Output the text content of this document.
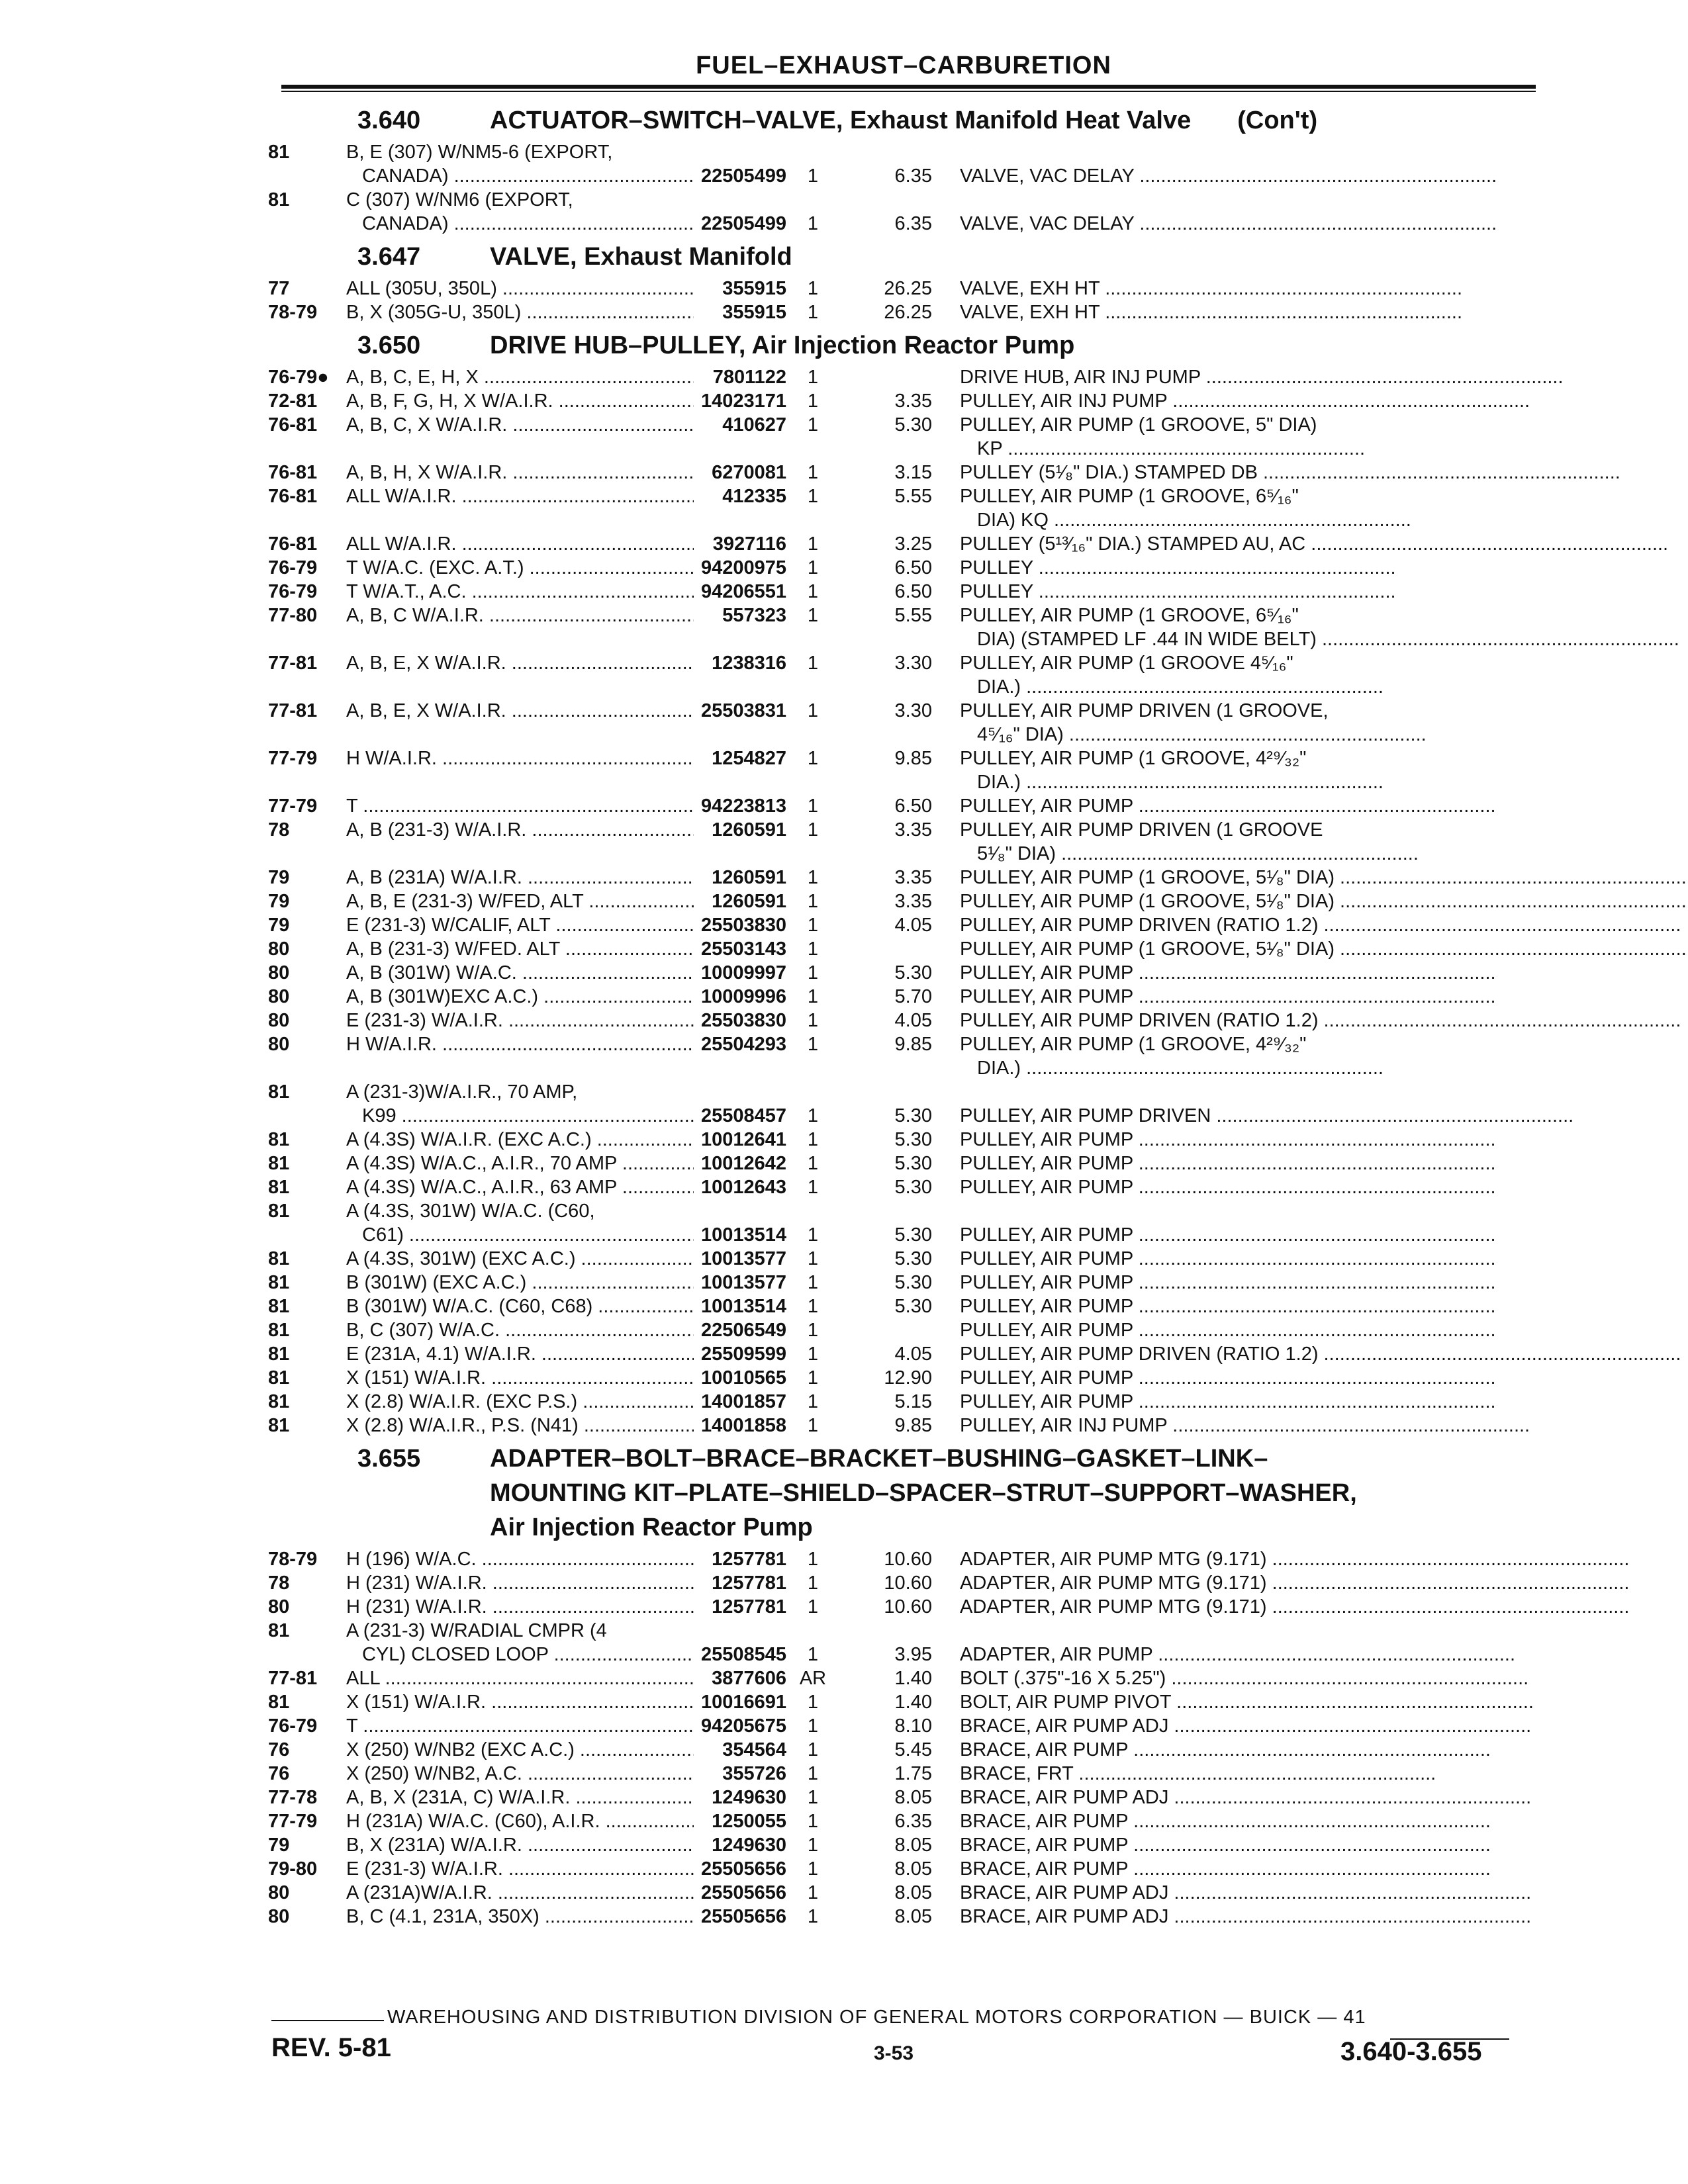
FUEL–EXHAUST–CARBURETION
3.640	ACTUATOR–SWITCH–VALVE, Exhaust Manifold Heat Valve (Con't)
81	B, E (307) W/NM5-6 (EXPORT,
CANADA) .....	22505499	1	6.35 VALVE, VAC DELAY .....
81	C (307) W/NM6 (EXPORT,
CANADA) .....	22505499	1	6.35 VALVE, VAC DELAY .....
3.647	VALVE, Exhaust Manifold
77	ALL (305U, 350L) .....	355915	1	26.25 VALVE, EXH HT .....
78-79	B, X (305G-U, 350L) .....	355915	1	26.25 VALVE, EXH HT .....
3.650	DRIVE HUB–PULLEY, Air Injection Reactor Pump
76-79● A, B, C, E, H, X .....	7801122	1	DRIVE HUB, AIR INJ PUMP .....
72-81	A, B, F, G, H, X W/A.I.R. .....	14023171	1	3.35 PULLEY, AIR INJ PUMP .....
76-81	A, B, C, X W/A.I.R. .....	410627	1	5.30 PULLEY, AIR PUMP (1 GROOVE, 5" DIA)
KP .....
76-81	A, B, H, X W/A.I.R. .....	6270081	1	3.15 PULLEY (5¹⁄₈" DIA.) STAMPED DB .....
76-81	ALL W/A.I.R. .....	412335	1	5.55 PULLEY, AIR PUMP (1 GROOVE, 6⁵⁄₁₆"
DIA) KQ .....
76-81	ALL W/A.I.R. .....	3927116	1	3.25 PULLEY (5¹³⁄₁₆" DIA.) STAMPED AU, AC .....
76-79	T W/A.C. (EXC. A.T.) .....	94200975	1	6.50 PULLEY .....
76-79	T W/A.T., A.C. .....	94206551	1	6.50 PULLEY .....
77-80	A, B, C W/A.I.R. .....	557323	1	5.55 PULLEY, AIR PUMP (1 GROOVE, 6⁵⁄₁₆"
DIA) (STAMPED LF .44 IN WIDE BELT) .....
77-81	A, B, E, X W/A.I.R. .....	1238316	1	3.30 PULLEY, AIR PUMP (1 GROOVE 4⁵⁄₁₆"
DIA.) .....
77-81	A, B, E, X W/A.I.R. .....	25503831	1	3.30 PULLEY, AIR PUMP DRIVEN (1 GROOVE,
4⁵⁄₁₆" DIA) .....
77-79	H W/A.I.R. .....	1254827	1	9.85 PULLEY, AIR PUMP (1 GROOVE, 4²⁹⁄₃₂"
DIA.) .....
77-79	T .....	94223813	1	6.50 PULLEY, AIR PUMP .....
78	A, B (231-3) W/A.I.R. .....	1260591	1	3.35 PULLEY, AIR PUMP DRIVEN (1 GROOVE
5¹⁄₈" DIA) .....
79	A, B (231A) W/A.I.R. .....	1260591	1	3.35 PULLEY, AIR PUMP (1 GROOVE, 5¹⁄₈" DIA) .....
79	A, B, E (231-3) W/FED, ALT .....	1260591	1	3.35 PULLEY, AIR PUMP (1 GROOVE, 5¹⁄₈" DIA) .....
79	E (231-3) W/CALIF, ALT .....	25503830	1	4.05 PULLEY, AIR PUMP DRIVEN (RATIO 1.2) .....
80	A, B (231-3) W/FED. ALT .....	25503143	1	PULLEY, AIR PUMP (1 GROOVE, 5¹⁄₈" DIA) .....
80	A, B (301W) W/A.C. .....	10009997	1	5.30 PULLEY, AIR PUMP .....
80	A, B (301W)EXC A.C.) .....	10009996	1	5.70 PULLEY, AIR PUMP .....
80	E (231-3) W/A.I.R. .....	25503830	1	4.05 PULLEY, AIR PUMP DRIVEN (RATIO 1.2) .....
80	H W/A.I.R. .....	25504293	1	9.85 PULLEY, AIR PUMP (1 GROOVE, 4²⁹⁄₃₂"
DIA.) .....
81	A (231-3)W/A.I.R., 70 AMP,
K99 .....	25508457	1	5.30 PULLEY, AIR PUMP DRIVEN .....
81	A (4.3S) W/A.I.R. (EXC A.C.) .....	10012641	1	5.30 PULLEY, AIR PUMP .....
81	A (4.3S) W/A.C., A.I.R., 70 AMP .....	10012642	1	5.30 PULLEY, AIR PUMP .....
81	A (4.3S) W/A.C., A.I.R., 63 AMP .....	10012643	1	5.30 PULLEY, AIR PUMP .....
81	A (4.3S, 301W) W/A.C. (C60,
C61) .....	10013514	1	5.30 PULLEY, AIR PUMP .....
81	A (4.3S, 301W) (EXC A.C.) .....	10013577	1	5.30 PULLEY, AIR PUMP .....
81	B (301W) (EXC A.C.) .....	10013577	1	5.30 PULLEY, AIR PUMP .....
81	B (301W) W/A.C. (C60, C68) .....	10013514	1	5.30 PULLEY, AIR PUMP .....
81	B, C (307) W/A.C. .....	22506549	1	PULLEY, AIR PUMP .....
81	E (231A, 4.1) W/A.I.R. .....	25509599	1	4.05 PULLEY, AIR PUMP DRIVEN (RATIO 1.2) .....
81	X (151) W/A.I.R. .....	10010565	1	12.90 PULLEY, AIR PUMP .....
81	X (2.8) W/A.I.R. (EXC P.S.) .....	14001857	1	5.15 PULLEY, AIR PUMP .....
81	X (2.8) W/A.I.R., P.S. (N41) .....	14001858	1	9.85 PULLEY, AIR INJ PUMP .....
3.655	ADAPTER–BOLT–BRACE–BRACKET–BUSHING–GASKET–LINK–
MOUNTING KIT–PLATE–SHIELD–SPACER–STRUT–SUPPORT–WASHER,
Air Injection Reactor Pump
78-79	H (196) W/A.C. .....	1257781	1	10.60 ADAPTER, AIR PUMP MTG (9.171) .....
78	H (231) W/A.I.R. .....	1257781	1	10.60 ADAPTER, AIR PUMP MTG (9.171) .....
80	H (231) W/A.I.R. .....	1257781	1	10.60 ADAPTER, AIR PUMP MTG (9.171) .....
81	A (231-3) W/RADIAL CMPR (4
CYL) CLOSED LOOP .....	25508545	1	3.95 ADAPTER, AIR PUMP .....
77-81	ALL .....	3877606 AR	1.40 BOLT (.375"-16 X 5.25") .....
81	X (151) W/A.I.R. .....	10016691	1	1.40 BOLT, AIR PUMP PIVOT .....
76-79	T .....	94205675	1	8.10 BRACE, AIR PUMP ADJ .....
76	X (250) W/NB2 (EXC A.C.) .....	354564	1	5.45 BRACE, AIR PUMP .....
76	X (250) W/NB2, A.C. .....	355726	1	1.75 BRACE, FRT .....
77-78	A, B, X (231A, C) W/A.I.R. .....	1249630	1	8.05 BRACE, AIR PUMP ADJ .....
77-79	H (231A) W/A.C. (C60), A.I.R. .....	1250055	1	6.35 BRACE, AIR PUMP .....
79	B, X (231A) W/A.I.R. .....	1249630	1	8.05 BRACE, AIR PUMP .....
79-80	E (231-3) W/A.I.R. .....	25505656	1	8.05 BRACE, AIR PUMP .....
80	A (231A)W/A.I.R. .....	25505656	1	8.05 BRACE, AIR PUMP ADJ .....
80	B, C (4.1, 231A, 350X) .....	25505656	1	8.05 BRACE, AIR PUMP ADJ .....
WAREHOUSING AND DISTRIBUTION DIVISION OF GENERAL MOTORS CORPORATION — BUICK — 41
REV. 5-81	3-53	3.640-3.655
